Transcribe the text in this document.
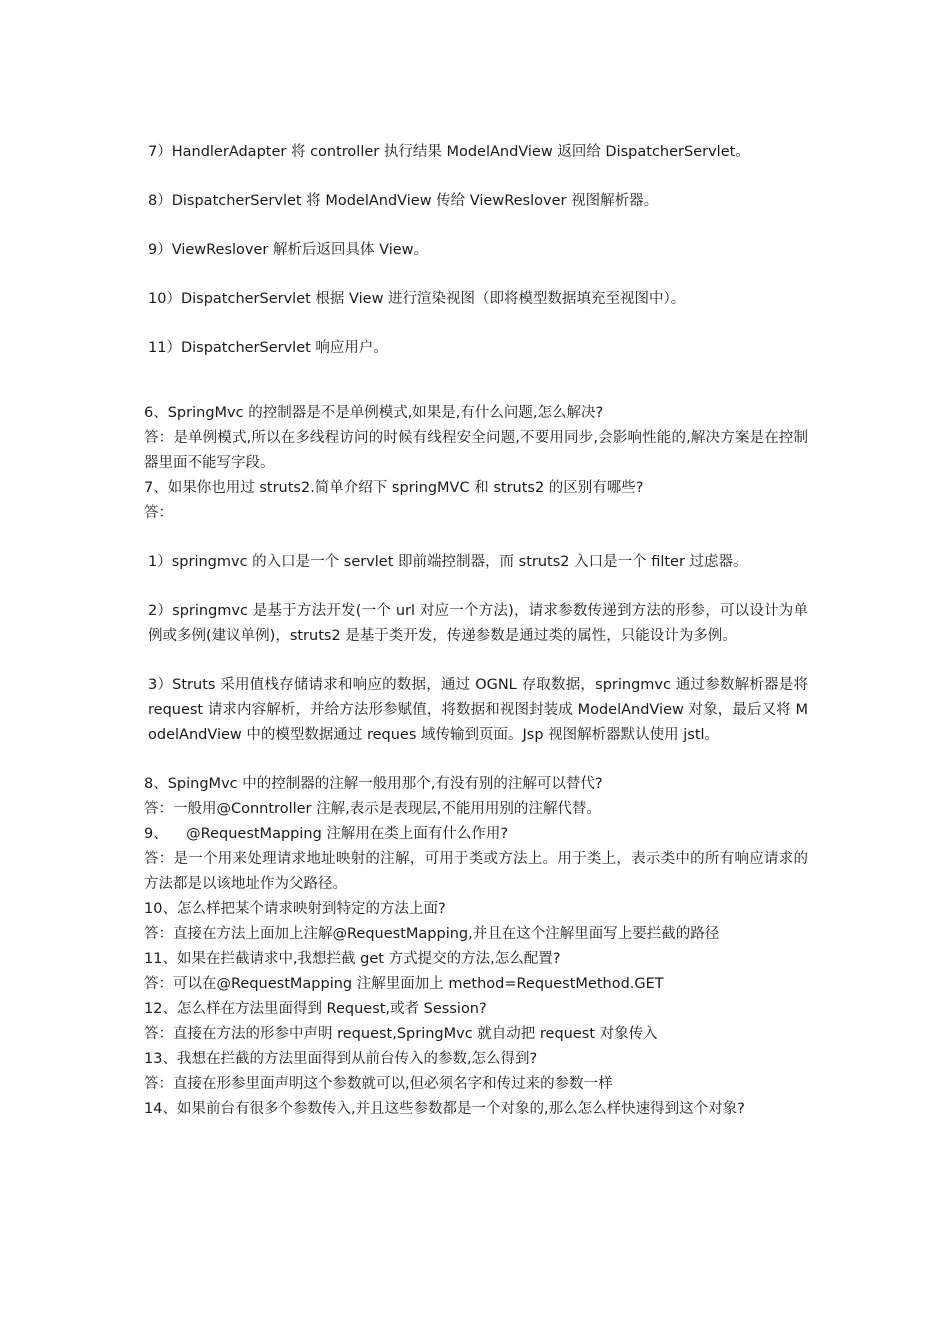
7）HandlerAdapter 将 controller 执行结果 ModelAndView 返回给 DispatcherServlet。
8）DispatcherServlet 将 ModelAndView 传给 ViewReslover 视图解析器。
9）ViewReslover 解析后返回具体 View。
10）DispatcherServlet 根据 View 进行渲染视图（即将模型数据填充至视图中）。
11）DispatcherServlet 响应用户。
6、SpringMvc 的控制器是不是单例模式,如果是,有什么问题,怎么解决?
答：是单例模式,所以在多线程访问的时候有线程安全问题,不要用同步,会影响性能的,解决方案是在控制器里面不能写字段。
7、如果你也用过 struts2.简单介绍下 springMVC 和 struts2 的区别有哪些?
答：
1）springmvc 的入口是一个 servlet 即前端控制器，而 struts2 入口是一个 filter 过虑器。
2）springmvc 是基于方法开发(一个 url 对应一个方法)，请求参数传递到方法的形参，可以设计为单例或多例(建议单例)，struts2 是基于类开发，传递参数是通过类的属性，只能设计为多例。
3）Struts 采用值栈存储请求和响应的数据，通过 OGNL 存取数据，springmvc 通过参数解析器是将 request 请求内容解析，并给方法形参赋值，将数据和视图封装成 ModelAndView 对象，最后又将 ModelAndView 中的模型数据通过 reques 域传输到页面。Jsp 视图解析器默认使用 jstl。
8、SpingMvc 中的控制器的注解一般用那个,有没有别的注解可以替代?
答：一般用@Conntroller 注解,表示是表现层,不能用用别的注解代替。
9、    @RequestMapping 注解用在类上面有什么作用?
答：是一个用来处理请求地址映射的注解，可用于类或方法上。用于类上，表示类中的所有响应请求的方法都是以该地址作为父路径。
10、怎么样把某个请求映射到特定的方法上面?
答：直接在方法上面加上注解@RequestMapping,并且在这个注解里面写上要拦截的路径
11、如果在拦截请求中,我想拦截 get 方式提交的方法,怎么配置?
答：可以在@RequestMapping 注解里面加上 method=RequestMethod.GET
12、怎么样在方法里面得到 Request,或者 Session?
答：直接在方法的形参中声明 request,SpringMvc 就自动把 request 对象传入
13、我想在拦截的方法里面得到从前台传入的参数,怎么得到?
答：直接在形参里面声明这个参数就可以,但必须名字和传过来的参数一样
14、如果前台有很多个参数传入,并且这些参数都是一个对象的,那么怎么样快速得到这个对象?
